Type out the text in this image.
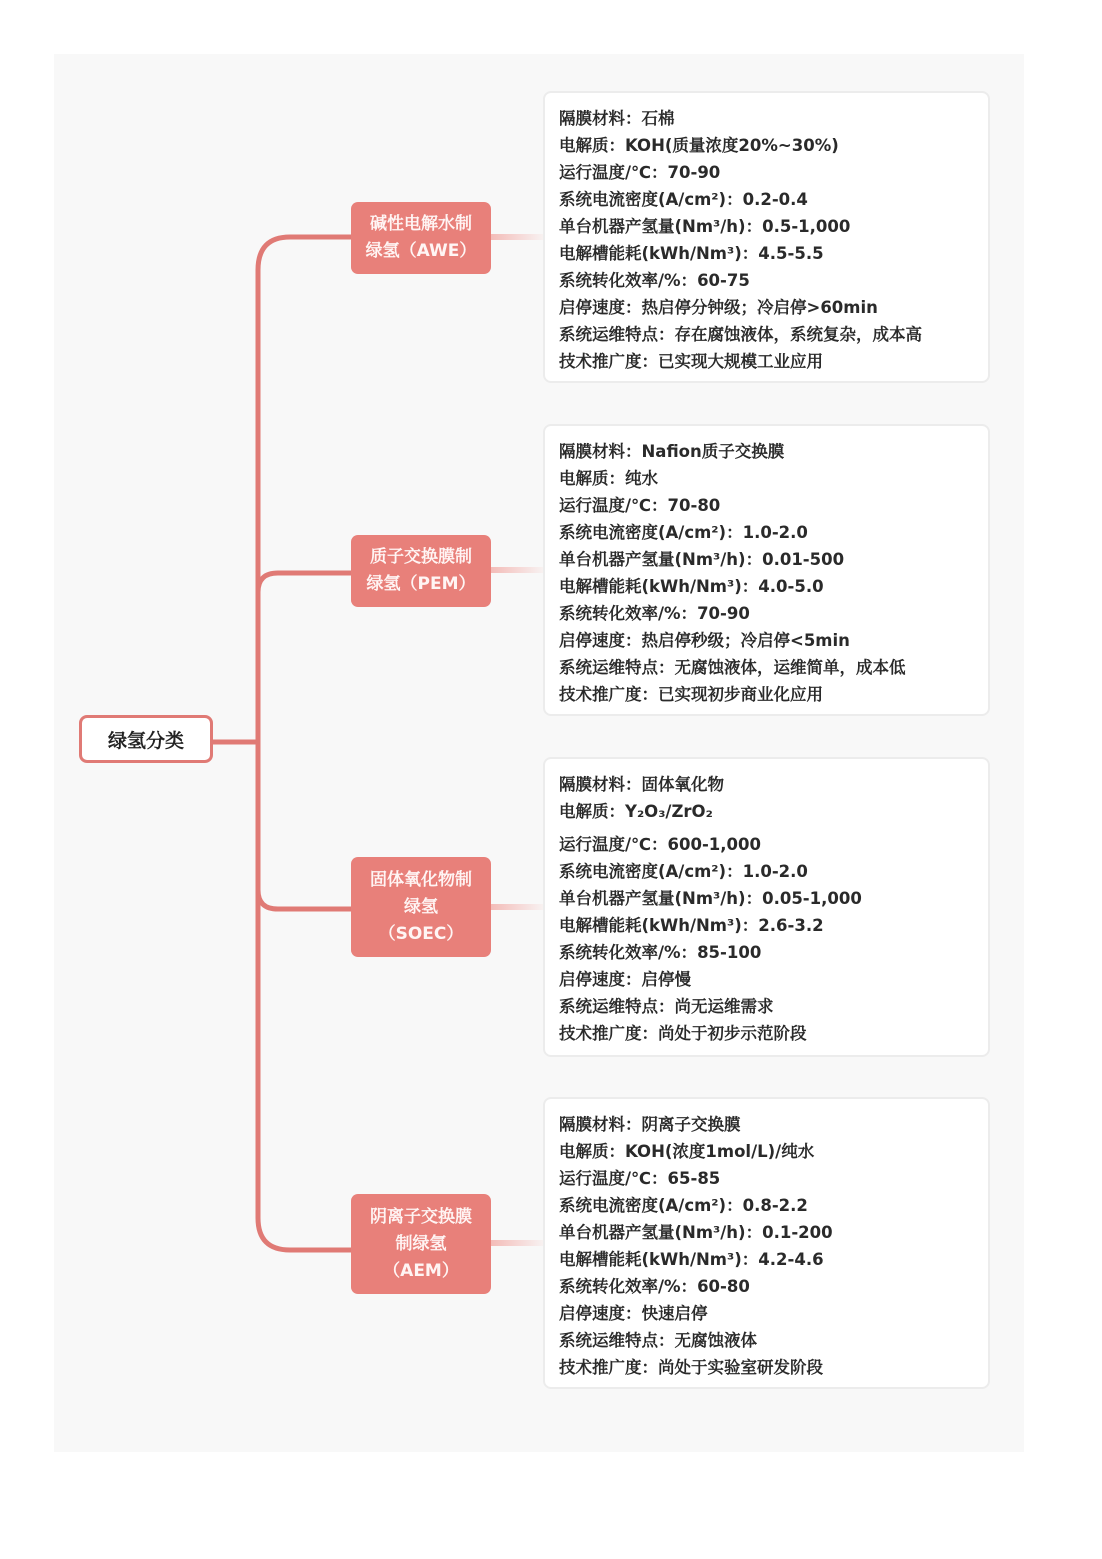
绿氢分类
碱性电解水制
绿氢（AWE）
质子交换膜制
绿氢（PEM）
固体氧化物制
绿氢
（SOEC）
阴离子交换膜
制绿氢
（AEM）
隔膜材料：石棉
电解质：KOH(质量浓度20%~30%)
运行温度/℃：70-90
系统电流密度(A/cm²)：0.2-0.4
单台机器产氢量(Nm³/h)：0.5-1,000
电解槽能耗(kWh/Nm³)：4.5-5.5
系统转化效率/%：60-75
启停速度：热启停分钟级；冷启停>60min
系统运维特点：存在腐蚀液体，系统复杂，成本高
技术推广度：已实现大规模工业应用
隔膜材料：Nafion质子交换膜
电解质：纯水
运行温度/℃：70-80
系统电流密度(A/cm²)：1.0-2.0
单台机器产氢量(Nm³/h)：0.01-500
电解槽能耗(kWh/Nm³)：4.0-5.0
系统转化效率/%：70-90
启停速度：热启停秒级；冷启停<5min
系统运维特点：无腐蚀液体，运维简单，成本低
技术推广度：已实现初步商业化应用
隔膜材料：固体氧化物
电解质：Y₂O₃/ZrO₂
运行温度/℃：600-1,000
系统电流密度(A/cm²)：1.0-2.0
单台机器产氢量(Nm³/h)：0.05-1,000
电解槽能耗(kWh/Nm³)：2.6-3.2
系统转化效率/%：85-100
启停速度：启停慢
系统运维特点：尚无运维需求
技术推广度：尚处于初步示范阶段
隔膜材料：阴离子交换膜
电解质：KOH(浓度1mol/L)/纯水
运行温度/℃：65-85
系统电流密度(A/cm²)：0.8-2.2
单台机器产氢量(Nm³/h)：0.1-200
电解槽能耗(kWh/Nm³)：4.2-4.6
系统转化效率/%：60-80
启停速度：快速启停
系统运维特点：无腐蚀液体
技术推广度：尚处于实验室研发阶段
